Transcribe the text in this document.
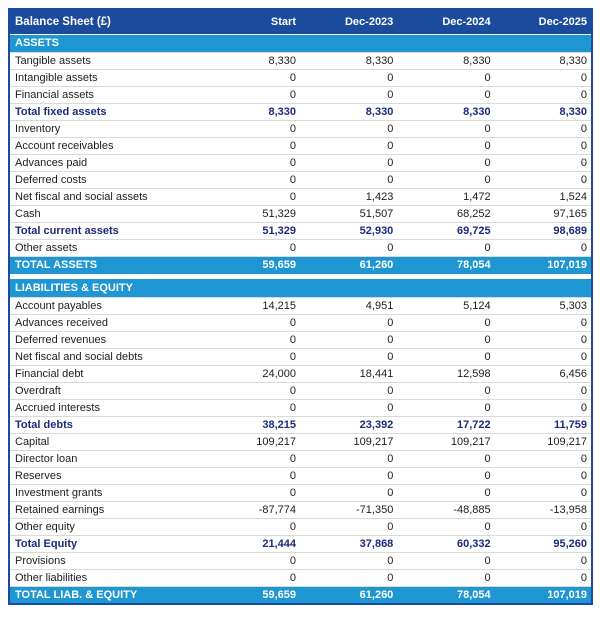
Balance Sheet (£)	Start	Dec-2023	Dec-2024	Dec-2025
ASSETS				
Tangible assets	8,330	8,330	8,330	8,330
Intangible assets	0	0	0	0
Financial assets	0	0	0	0
Total fixed assets	8,330	8,330	8,330	8,330
Inventory	0	0	0	0
Account receivables	0	0	0	0
Advances paid	0	0	0	0
Deferred costs	0	0	0	0
Net fiscal and social assets	0	1,423	1,472	1,524
Cash	51,329	51,507	68,252	97,165
Total current assets	51,329	52,930	69,725	98,689
Other assets	0	0	0	0
TOTAL ASSETS	59,659	61,260	78,054	107,019

LIABILITIES & EQUITY				
Account payables	14,215	4,951	5,124	5,303
Advances received	0	0	0	0
Deferred revenues	0	0	0	0
Net fiscal and social debts	0	0	0	0
Financial debt	24,000	18,441	12,598	6,456
Overdraft	0	0	0	0
Accrued interests	0	0	0	0
Total debts	38,215	23,392	17,722	11,759
Capital	109,217	109,217	109,217	109,217
Director loan	0	0	0	0
Reserves	0	0	0	0
Investment grants	0	0	0	0
Retained earnings	-87,774	-71,350	-48,885	-13,958
Other equity	0	0	0	0
Total Equity	21,444	37,868	60,332	95,260
Provisions	0	0	0	0
Other liabilities	0	0	0	0
TOTAL LIAB. & EQUITY	59,659	61,260	78,054	107,019
